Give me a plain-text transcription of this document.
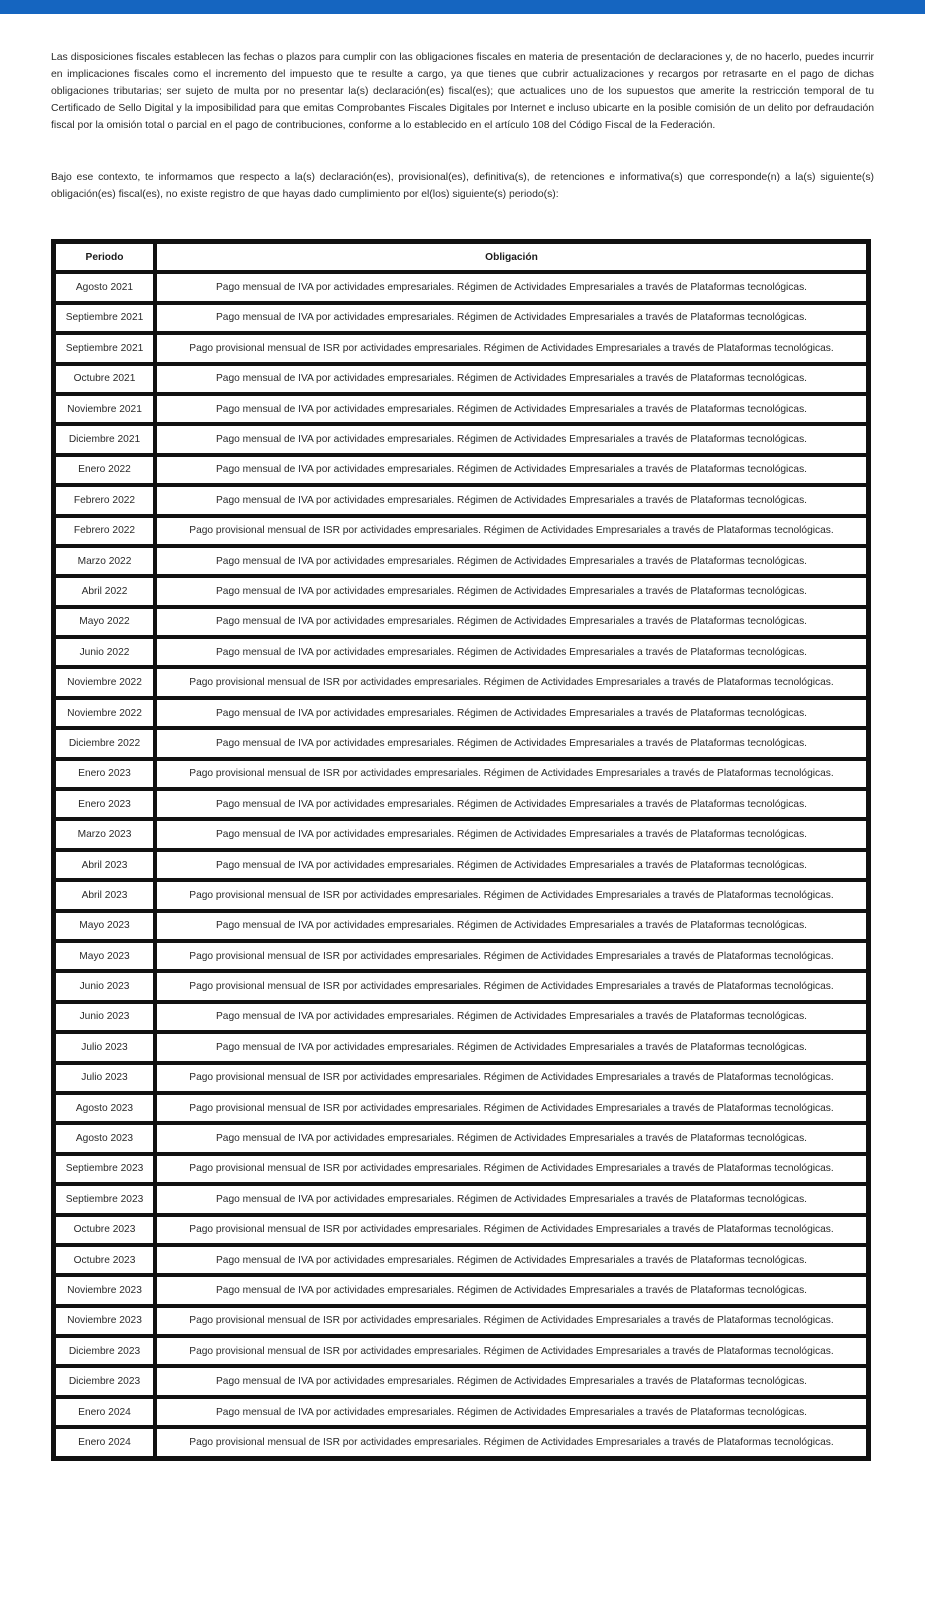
Las disposiciones fiscales establecen las fechas o plazos para cumplir con las obligaciones fiscales en materia de presentación de declaraciones y, de no hacerlo, puedes incurrir en implicaciones fiscales como el incremento del impuesto que te resulte a cargo, ya que tienes que cubrir actualizaciones y recargos por retrasarte en el pago de dichas obligaciones tributarias; ser sujeto de multa por no presentar la(s) declaración(es) fiscal(es); que actualices uno de los supuestos que amerite la restricción temporal de tu Certificado de Sello Digital y la imposibilidad para que emitas Comprobantes Fiscales Digitales por Internet e incluso ubicarte en la posible comisión de un delito por defraudación fiscal por la omisión total o parcial en el pago de contribuciones, conforme a lo establecido en el artículo 108 del Código Fiscal de la Federación.

Bajo ese contexto, te informamos que respecto a la(s) declaración(es), provisional(es), definitiva(s), de retenciones e informativa(s) que corresponde(n) a la(s) siguiente(s) obligación(es) fiscal(es), no existe registro de que hayas dado cumplimiento por el(los) siguiente(s) periodo(s):

Periodo	Obligación
Agosto 2021	Pago mensual de IVA por actividades empresariales. Régimen de Actividades Empresariales a través de Plataformas tecnológicas.
Septiembre 2021	Pago mensual de IVA por actividades empresariales. Régimen de Actividades Empresariales a través de Plataformas tecnológicas.
Septiembre 2021	Pago provisional mensual de ISR por actividades empresariales. Régimen de Actividades Empresariales a través de Plataformas tecnológicas.
Octubre 2021	Pago mensual de IVA por actividades empresariales. Régimen de Actividades Empresariales a través de Plataformas tecnológicas.
Noviembre 2021	Pago mensual de IVA por actividades empresariales. Régimen de Actividades Empresariales a través de Plataformas tecnológicas.
Diciembre 2021	Pago mensual de IVA por actividades empresariales. Régimen de Actividades Empresariales a través de Plataformas tecnológicas.
Enero 2022	Pago mensual de IVA por actividades empresariales. Régimen de Actividades Empresariales a través de Plataformas tecnológicas.
Febrero 2022	Pago mensual de IVA por actividades empresariales. Régimen de Actividades Empresariales a través de Plataformas tecnológicas.
Febrero 2022	Pago provisional mensual de ISR por actividades empresariales. Régimen de Actividades Empresariales a través de Plataformas tecnológicas.
Marzo 2022	Pago mensual de IVA por actividades empresariales. Régimen de Actividades Empresariales a través de Plataformas tecnológicas.
Abril 2022	Pago mensual de IVA por actividades empresariales. Régimen de Actividades Empresariales a través de Plataformas tecnológicas.
Mayo 2022	Pago mensual de IVA por actividades empresariales. Régimen de Actividades Empresariales a través de Plataformas tecnológicas.
Junio 2022	Pago mensual de IVA por actividades empresariales. Régimen de Actividades Empresariales a través de Plataformas tecnológicas.
Noviembre 2022	Pago provisional mensual de ISR por actividades empresariales. Régimen de Actividades Empresariales a través de Plataformas tecnológicas.
Noviembre 2022	Pago mensual de IVA por actividades empresariales. Régimen de Actividades Empresariales a través de Plataformas tecnológicas.
Diciembre 2022	Pago mensual de IVA por actividades empresariales. Régimen de Actividades Empresariales a través de Plataformas tecnológicas.
Enero 2023	Pago provisional mensual de ISR por actividades empresariales. Régimen de Actividades Empresariales a través de Plataformas tecnológicas.
Enero 2023	Pago mensual de IVA por actividades empresariales. Régimen de Actividades Empresariales a través de Plataformas tecnológicas.
Marzo 2023	Pago mensual de IVA por actividades empresariales. Régimen de Actividades Empresariales a través de Plataformas tecnológicas.
Abril 2023	Pago mensual de IVA por actividades empresariales. Régimen de Actividades Empresariales a través de Plataformas tecnológicas.
Abril 2023	Pago provisional mensual de ISR por actividades empresariales. Régimen de Actividades Empresariales a través de Plataformas tecnológicas.
Mayo 2023	Pago mensual de IVA por actividades empresariales. Régimen de Actividades Empresariales a través de Plataformas tecnológicas.
Mayo 2023	Pago provisional mensual de ISR por actividades empresariales. Régimen de Actividades Empresariales a través de Plataformas tecnológicas.
Junio 2023	Pago provisional mensual de ISR por actividades empresariales. Régimen de Actividades Empresariales a través de Plataformas tecnológicas.
Junio 2023	Pago mensual de IVA por actividades empresariales. Régimen de Actividades Empresariales a través de Plataformas tecnológicas.
Julio 2023	Pago mensual de IVA por actividades empresariales. Régimen de Actividades Empresariales a través de Plataformas tecnológicas.
Julio 2023	Pago provisional mensual de ISR por actividades empresariales. Régimen de Actividades Empresariales a través de Plataformas tecnológicas.
Agosto 2023	Pago provisional mensual de ISR por actividades empresariales. Régimen de Actividades Empresariales a través de Plataformas tecnológicas.
Agosto 2023	Pago mensual de IVA por actividades empresariales. Régimen de Actividades Empresariales a través de Plataformas tecnológicas.
Septiembre 2023	Pago provisional mensual de ISR por actividades empresariales. Régimen de Actividades Empresariales a través de Plataformas tecnológicas.
Septiembre 2023	Pago mensual de IVA por actividades empresariales. Régimen de Actividades Empresariales a través de Plataformas tecnológicas.
Octubre 2023	Pago provisional mensual de ISR por actividades empresariales. Régimen de Actividades Empresariales a través de Plataformas tecnológicas.
Octubre 2023	Pago mensual de IVA por actividades empresariales. Régimen de Actividades Empresariales a través de Plataformas tecnológicas.
Noviembre 2023	Pago mensual de IVA por actividades empresariales. Régimen de Actividades Empresariales a través de Plataformas tecnológicas.
Noviembre 2023	Pago provisional mensual de ISR por actividades empresariales. Régimen de Actividades Empresariales a través de Plataformas tecnológicas.
Diciembre 2023	Pago provisional mensual de ISR por actividades empresariales. Régimen de Actividades Empresariales a través de Plataformas tecnológicas.
Diciembre 2023	Pago mensual de IVA por actividades empresariales. Régimen de Actividades Empresariales a través de Plataformas tecnológicas.
Enero 2024	Pago mensual de IVA por actividades empresariales. Régimen de Actividades Empresariales a través de Plataformas tecnológicas.
Enero 2024	Pago provisional mensual de ISR por actividades empresariales. Régimen de Actividades Empresariales a través de Plataformas tecnológicas.
